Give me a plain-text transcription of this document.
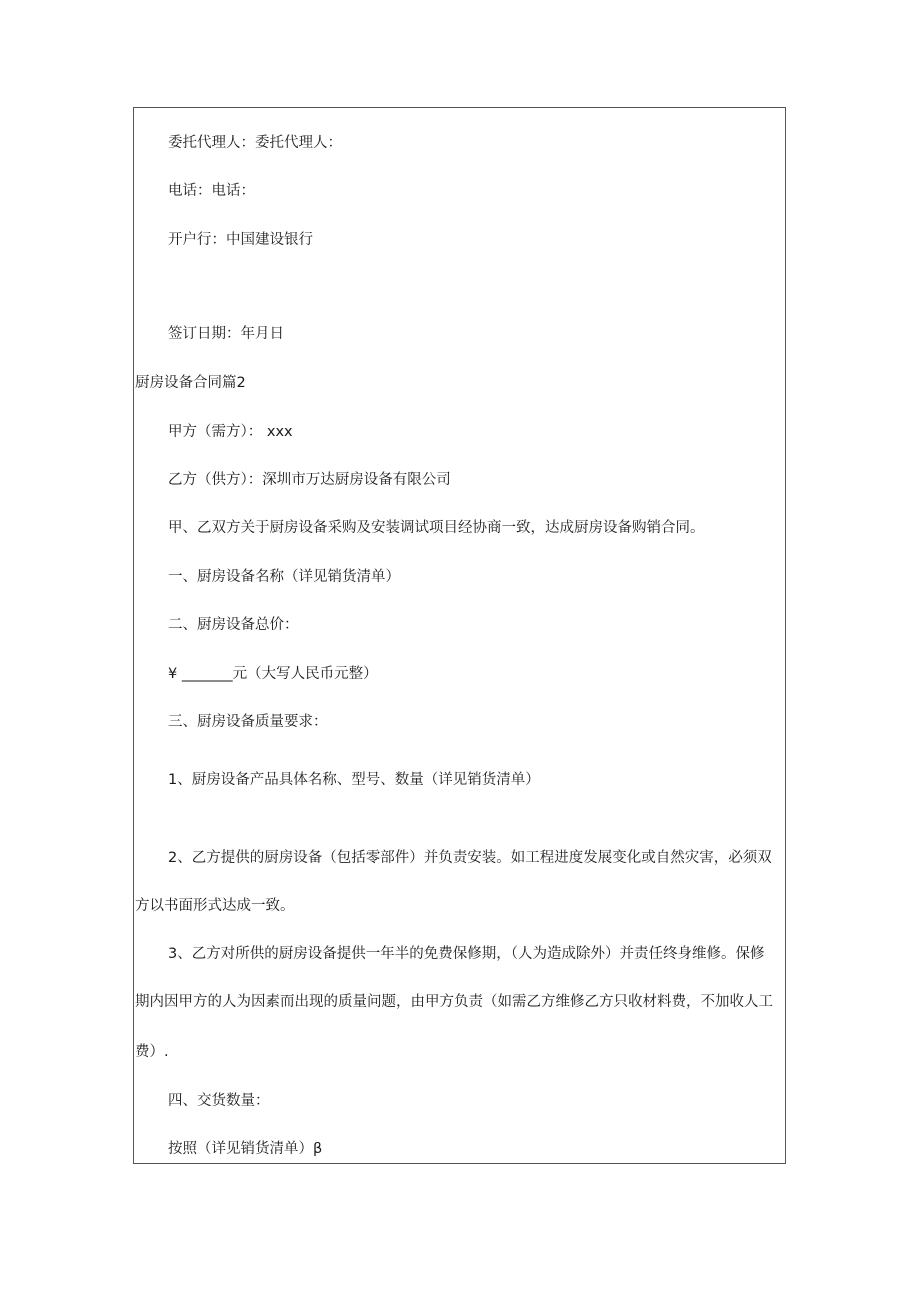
委托代理人：委托代理人：
电话：电话：
开户行：中国建设银行
签订日期：年月日
厨房设备合同篇2
甲方（需方）： xxx
乙方（供方）：深圳市万达厨房设备有限公司
甲、乙双方关于厨房设备采购及安装调试项目经协商一致，达成厨房设备购销合同。
一、厨房设备名称（详见销货清单）
二、厨房设备总价：
¥ _______元（大写人民币元整）
三、厨房设备质量要求：
1、厨房设备产品具体名称、型号、数量（详见销货清单）
2、乙方提供的厨房设备（包括零部件）并负责安装。如工程进度发展变化或自然灾害，必须双
方以书面形式达成一致。
3、乙方对所供的厨房设备提供一年半的免费保修期，（人为造成除外）并责任终身维修。保修
期内因甲方的人为因素而出现的质量问题，由甲方负责（如需乙方维修乙方只收材料费，不加收人工
费）.
四、交货数量：
按照（详见销货清单）β
